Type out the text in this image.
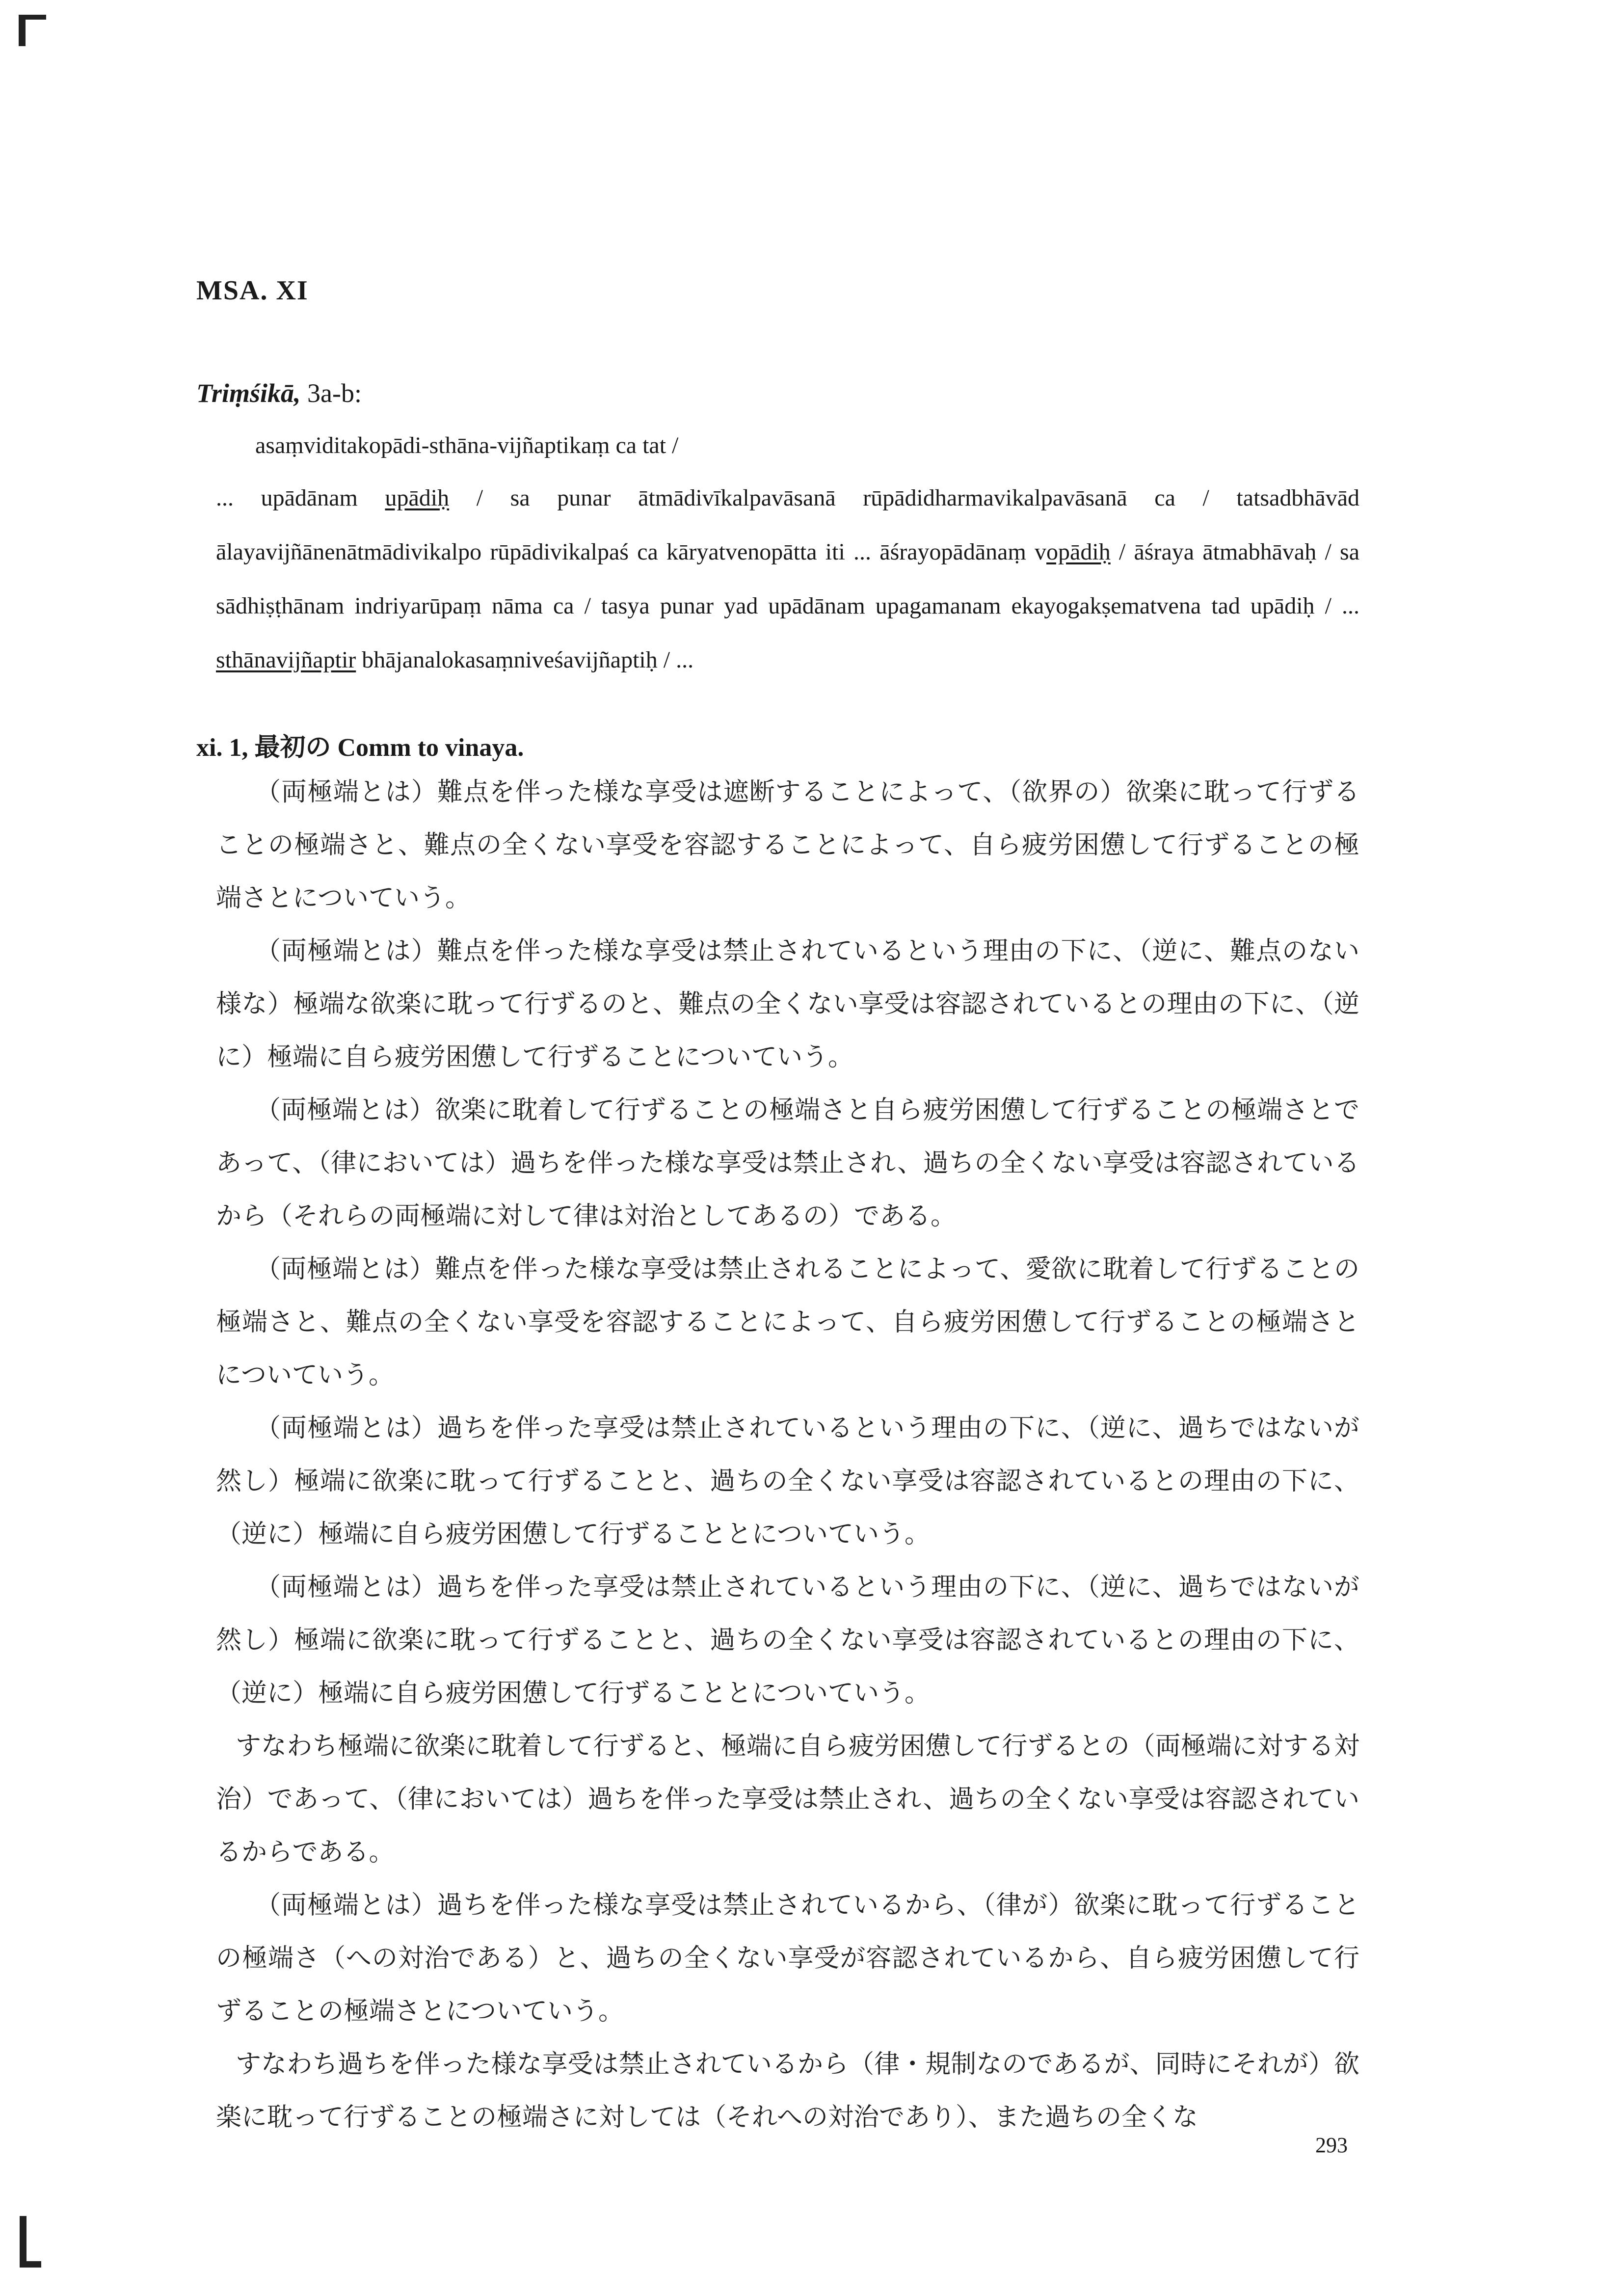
MSA. XI
Triṃśikā, 3a-b:
asaṃviditakopādi-sthāna-vijñaptikaṃ ca tat /

... upādānam upādiḥ / sa punar ātmādivīkalpavāsanā rūpādidharmavikalpavāsanā ca / tatsadbhāvād ālayavijñānenātmādivikalpo rūpādivikalpaś ca kāryatvenopātta iti ... āśrayopādānaṃ vopādiḥ / āśraya ātmabhāvaḥ / sa sādhiṣṭhānam indriyarūpaṃ nāma ca / tasya punar yad upādānam upagamanam ekayogakṣematvena tad upādiḥ / ... sthānavijñaptir bhājanalokasaṃniveśavijñaptiḥ / ...

xi. 1, 最初の Comm to vinaya.

（両極端とは）難点を伴った様な享受は遮断することによって、（欲界の）欲楽に耽って行ずることの極端さと、難点の全くない享受を容認することによって、自ら疲労困憊して行ずることの極端さとについていう。

（両極端とは）難点を伴った様な享受は禁止されているという理由の下に、（逆に、難点のない様な）極端な欲楽に耽って行ずるのと、難点の全くない享受は容認されているとの理由の下に、（逆に）極端に自ら疲労困憊して行ずることについていう。

（両極端とは）欲楽に耽着して行ずることの極端さと自ら疲労困憊して行ずることの極端さとであって、（律においては）過ちを伴った様な享受は禁止され、過ちの全くない享受は容認されているから（それらの両極端に対して律は対治としてあるの）である。

（両極端とは）難点を伴った様な享受は禁止されることによって、愛欲に耽着して行ずることの極端さと、難点の全くない享受を容認することによって、自ら疲労困憊して行ずることの極端さとについていう。

（両極端とは）過ちを伴った享受は禁止されているという理由の下に、（逆に、過ちではないが然し）極端に欲楽に耽って行ずることと、過ちの全くない享受は容認されているとの理由の下に、（逆に）極端に自ら疲労困憊して行ずることとについていう。

（両極端とは）過ちを伴った享受は禁止されているという理由の下に、（逆に、過ちではないが然し）極端に欲楽に耽って行ずることと、過ちの全くない享受は容認されているとの理由の下に、（逆に）極端に自ら疲労困憊して行ずることとについていう。

すなわち極端に欲楽に耽着して行ずると、極端に自ら疲労困憊して行ずるとの（両極端に対する対治）であって、（律においては）過ちを伴った享受は禁止され、過ちの全くない享受は容認されているからである。

（両極端とは）過ちを伴った様な享受は禁止されているから、（律が）欲楽に耽って行ずることの極端さ（への対治である）と、過ちの全くない享受が容認されているから、自ら疲労困憊して行ずることの極端さとについていう。

すなわち過ちを伴った様な享受は禁止されているから（律・規制なのであるが、同時にそれが）欲楽に耽って行ずることの極端さに対しては（それへの対治であり）、また過ちの全くな

293
